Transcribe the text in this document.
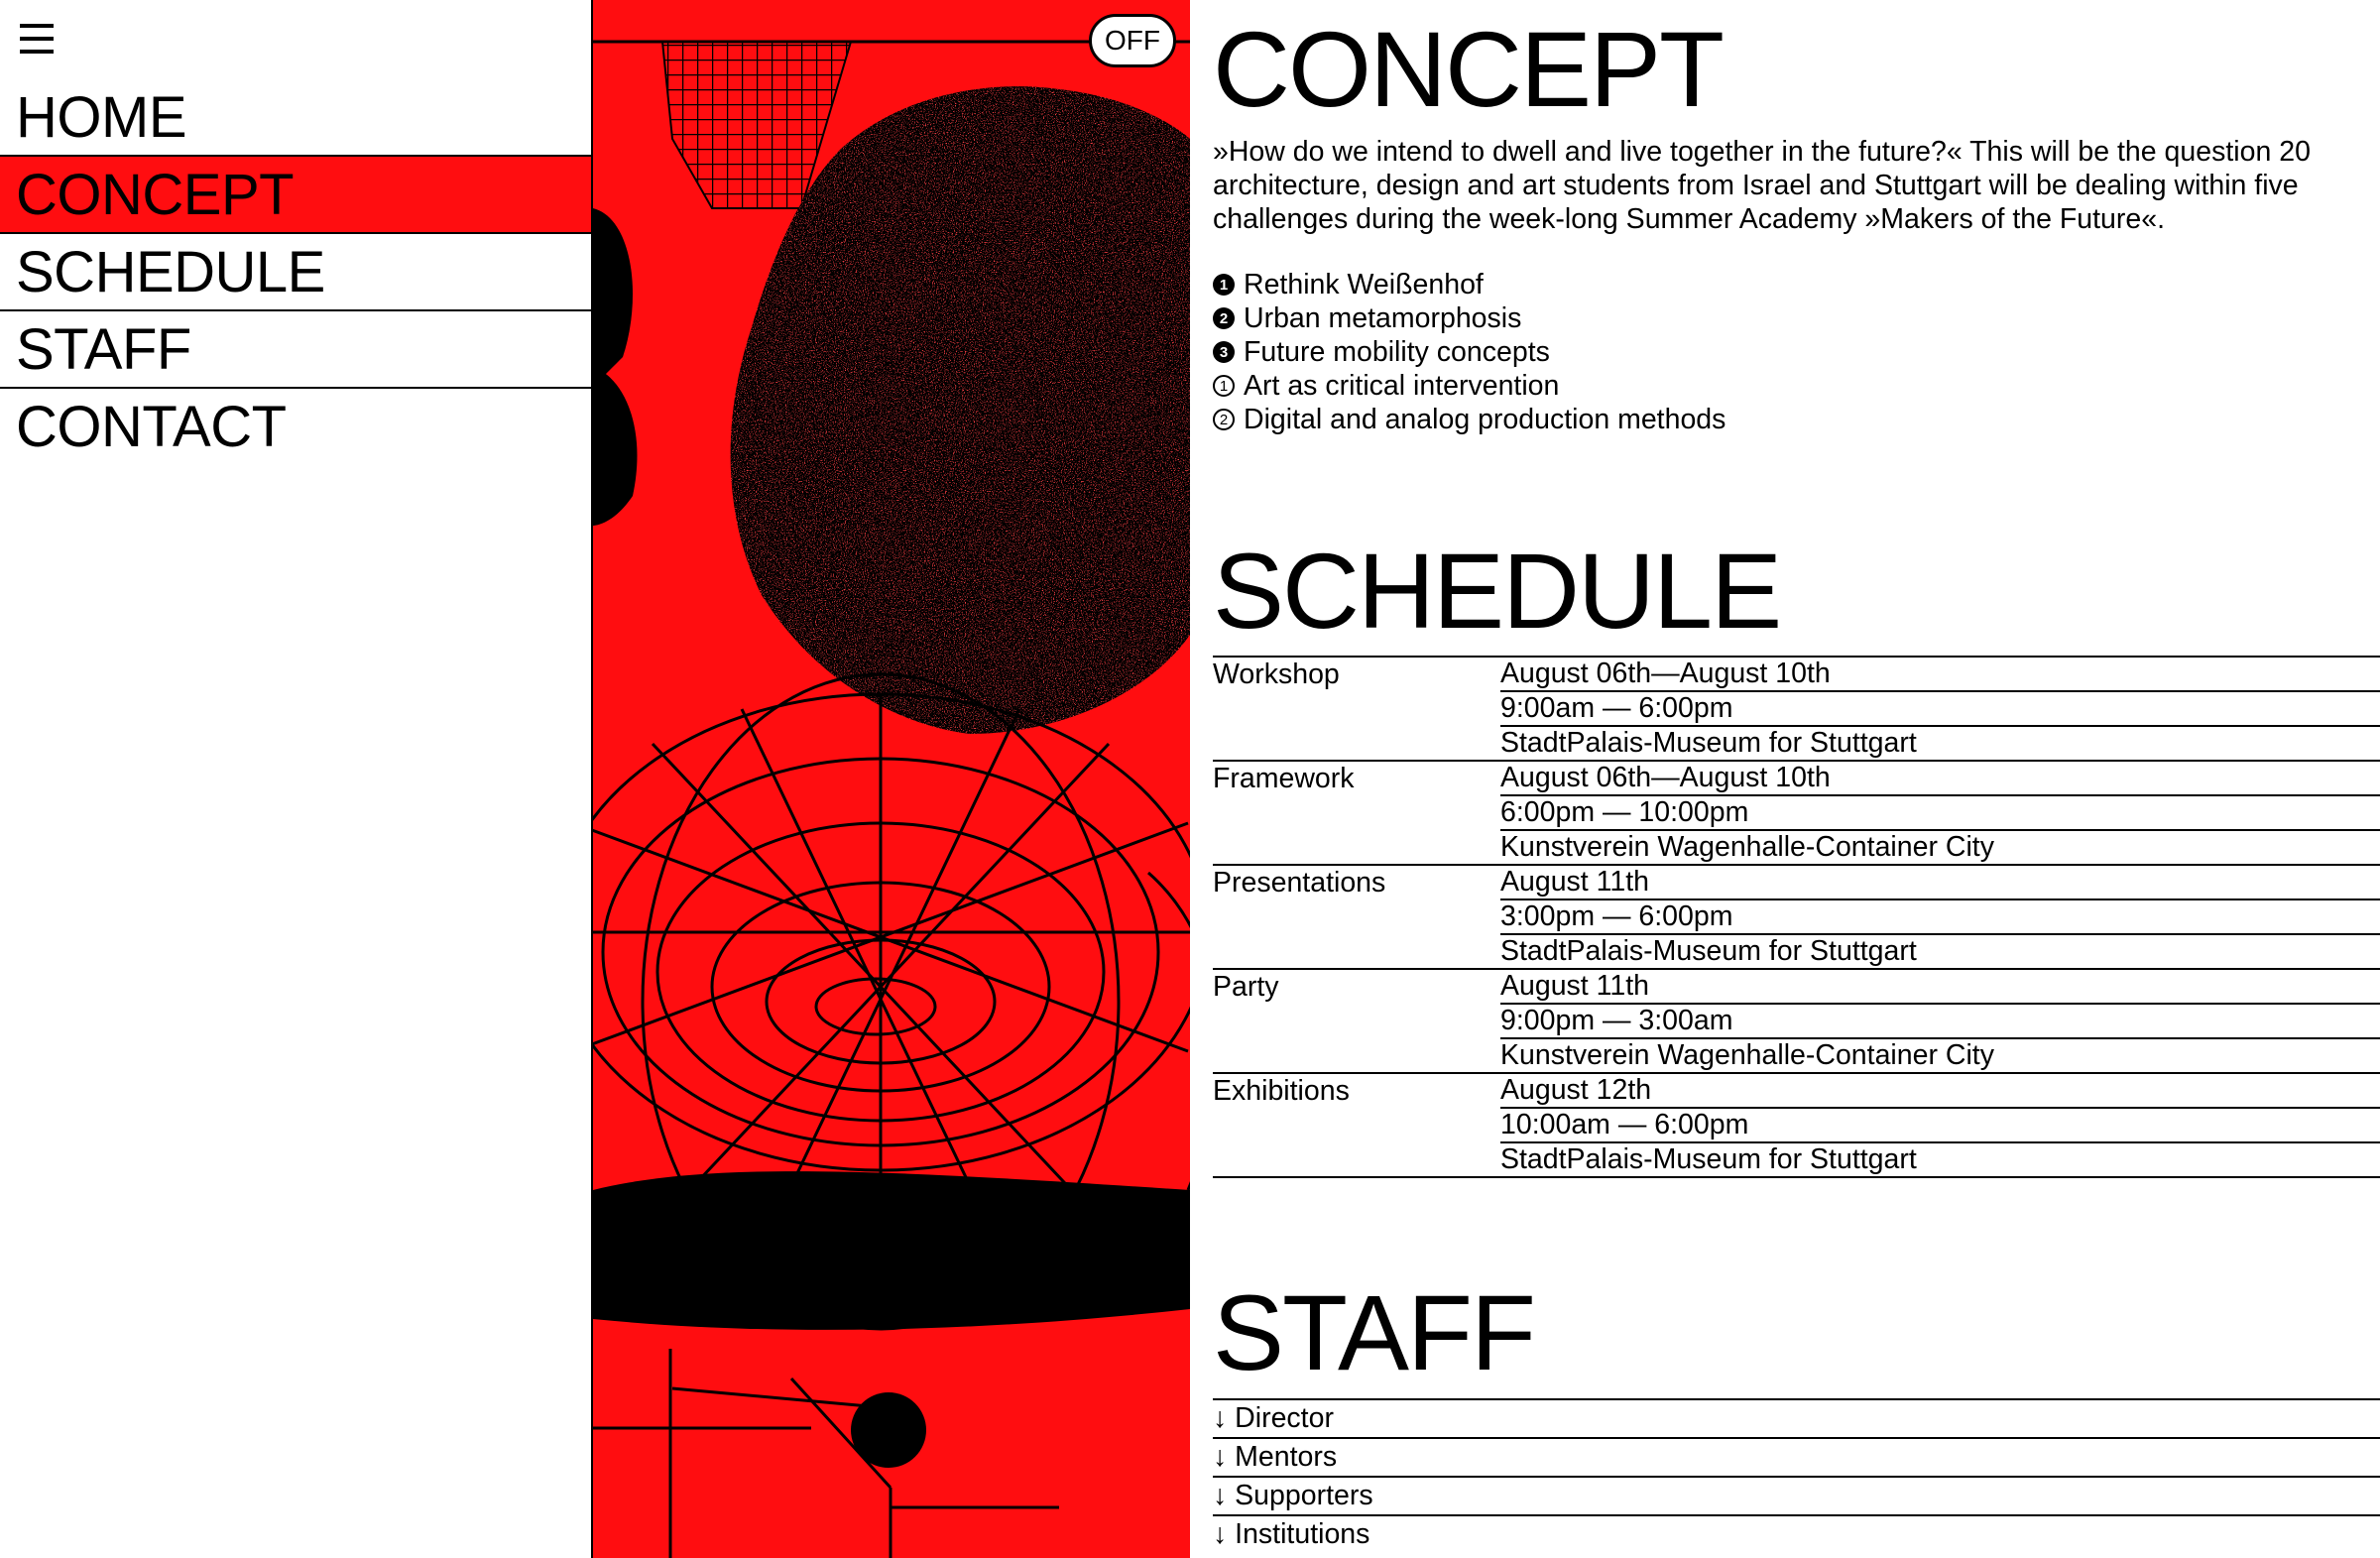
HOME
CONCEPT
SCHEDULE
STAFF
CONTACT
OFF CONCEPT

»How do we intend to dwell and live together in the future?« This will be the question 20 architecture, design and art students from Israel and Stuttgart will be dealing within five challenges during the week-long Summer Academy »Makers of the Future«.

1 Rethink Weißenhof
2 Urban metamorphosis
3 Future mobility concepts
1 Art as critical intervention
2 Digital and analog production methods
SCHEDULE
Workshop	August 06th—August 10th
9:00am — 6:00pm
StadtPalais-Museum for Stuttgart
Framework	August 06th—August 10th
6:00pm — 10:00pm
Kunstverein Wagenhalle-Container City
Presentations	August 11th
3:00pm — 6:00pm
StadtPalais-Museum for Stuttgart
Party	August 11th
9:00pm — 3:00am
Kunstverein Wagenhalle-Container City
Exhibitions	August 12th
10:00am — 6:00pm
StadtPalais-Museum for Stuttgart
STAFF
↓ Director
↓ Mentors
↓ Supporters
↓ Institutions
